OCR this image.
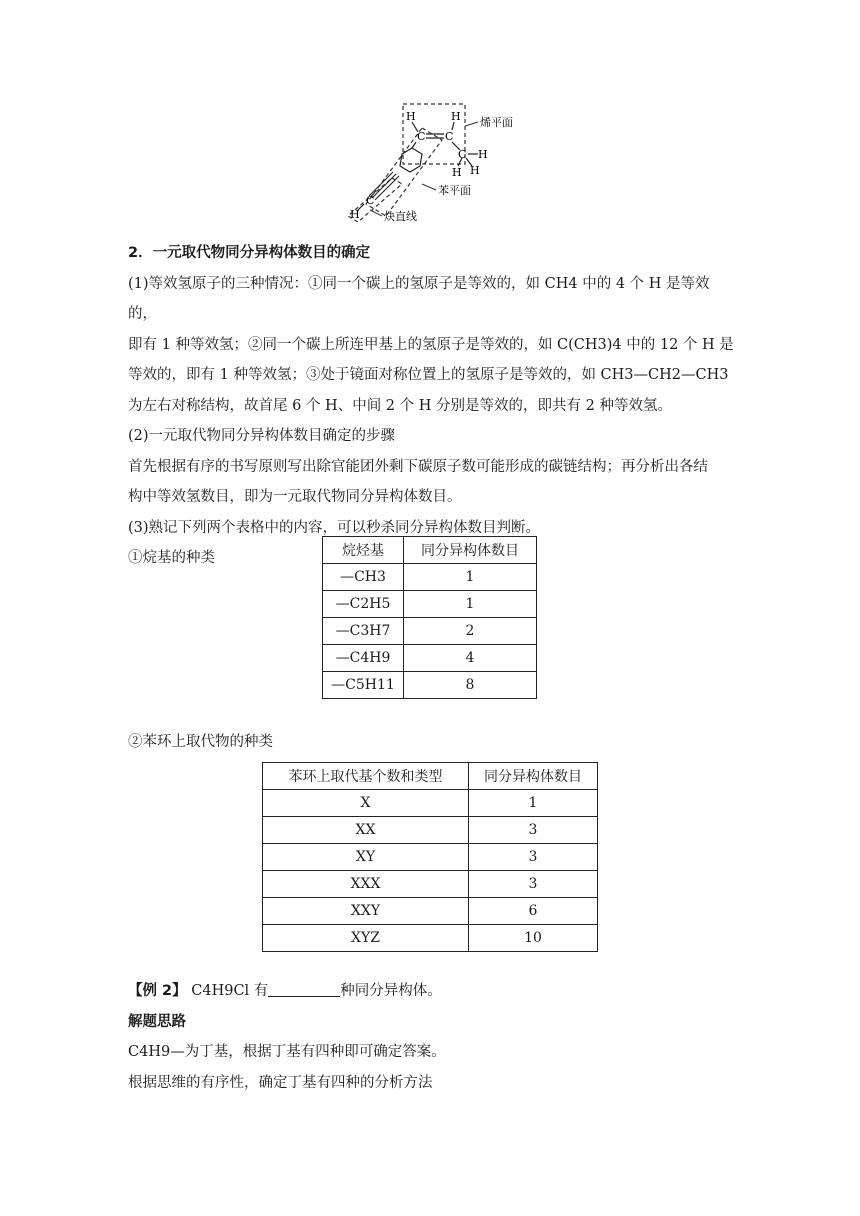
H
C C
H
C H
H H
C
H
烯平面
苯平面
炔直线
2．一元取代物同分异构体数目的确定
(1)等效氢原子的三种情况：①同一个碳上的氢原子是等效的，如 CH4 中的 4 个 H 是等效的，
即有 1 种等效氢；②同一个碳上所连甲基上的氢原子是等效的，如 C(CH3)4 中的 12 个 H 是
等效的，即有 1 种等效氢；③处于镜面对称位置上的氢原子是等效的，如 CH3—CH2—CH3
为左右对称结构，故首尾 6 个 H、中间 2 个 H 分别是等效的，即共有 2 种等效氢。
(2)一元取代物同分异构体数目确定的步骤
首先根据有序的书写原则写出除官能团外剩下碳原子数可能形成的碳链结构；再分析出各结
构中等效氢数目，即为一元取代物同分异构体数目。
(3)熟记下列两个表格中的内容，可以秒杀同分异构体数目判断。
①烷基的种类	烷烃基	同分异构体数目
—CH3	1
—C2H5	1
—C3H7	2
—C4H9	4
—C5H11	8
②苯环上取代物的种类
苯环上取代基个数和类型	同分异构体数目
X	1
XX	3
XY	3
XXX	3
XXY	6
XYZ	10
【例 2】 C4H9Cl 有	种同分异构体。
解题思路
C4H9—为丁基，根据丁基有四种即可确定答案。
根据思维的有序性，确定丁基有四种的分析方法
